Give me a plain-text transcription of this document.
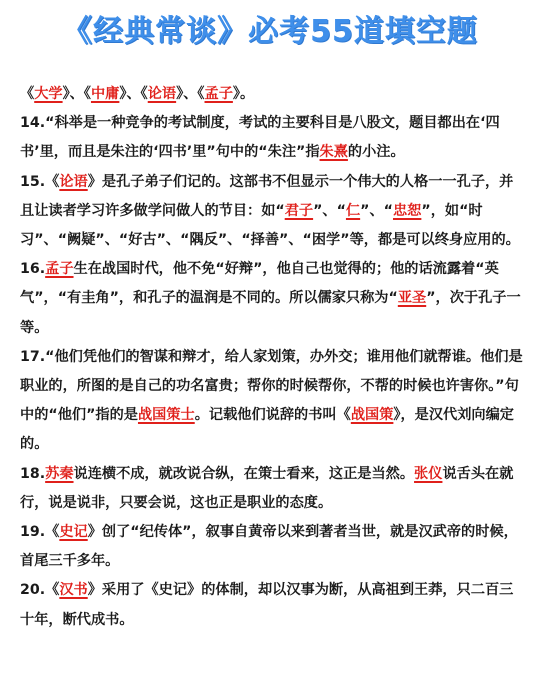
《经典常谈》必考55道填空题

《大学》、《中庸》、《论语》、《孟子》。

14.“科举是一种竞争的考试制度，考试的主要科目是八股文，题目都出在‘四书’里，而且是朱注的‘四书’里”句中的“朱注”指朱熹的小注。

15.《论语》是孔子弟子们记的。这部书不但显示一个伟大的人格一一孔子，并且让读者学习许多做学问做人的节目：如“君子”、“仁”、“忠恕”，如“时习”、“阙疑”、“好古”、“隅反”、“择善”、“困学”等，都是可以终身应用的。

16.孟子生在战国时代，他不免“好辩”，他自己也觉得的；他的话流露着“英气”，“有圭角”，和孔子的温润是不同的。所以儒家只称为“亚圣”，次于孔子一等。

17.“他们凭他们的智谋和辩才，给人家划策，办外交；谁用他们就帮谁。他们是职业的，所图的是自己的功名富贵；帮你的时候帮你，不帮的时候也许害你。”句中的“他们”指的是战国策士。记载他们说辞的书叫《战国策》，是汉代刘向编定的。

18.苏秦说连横不成，就改说合纵，在策士看来，这正是当然。张仪说舌头在就行，说是说非，只要会说，这也正是职业的态度。

19.《史记》创了“纪传体”，叙事自黄帝以来到著者当世，就是汉武帝的时候，首尾三千多年。

20.《汉书》采用了《史记》的体制，却以汉事为断，从高祖到王莽，只二百三十年，断代成书。
